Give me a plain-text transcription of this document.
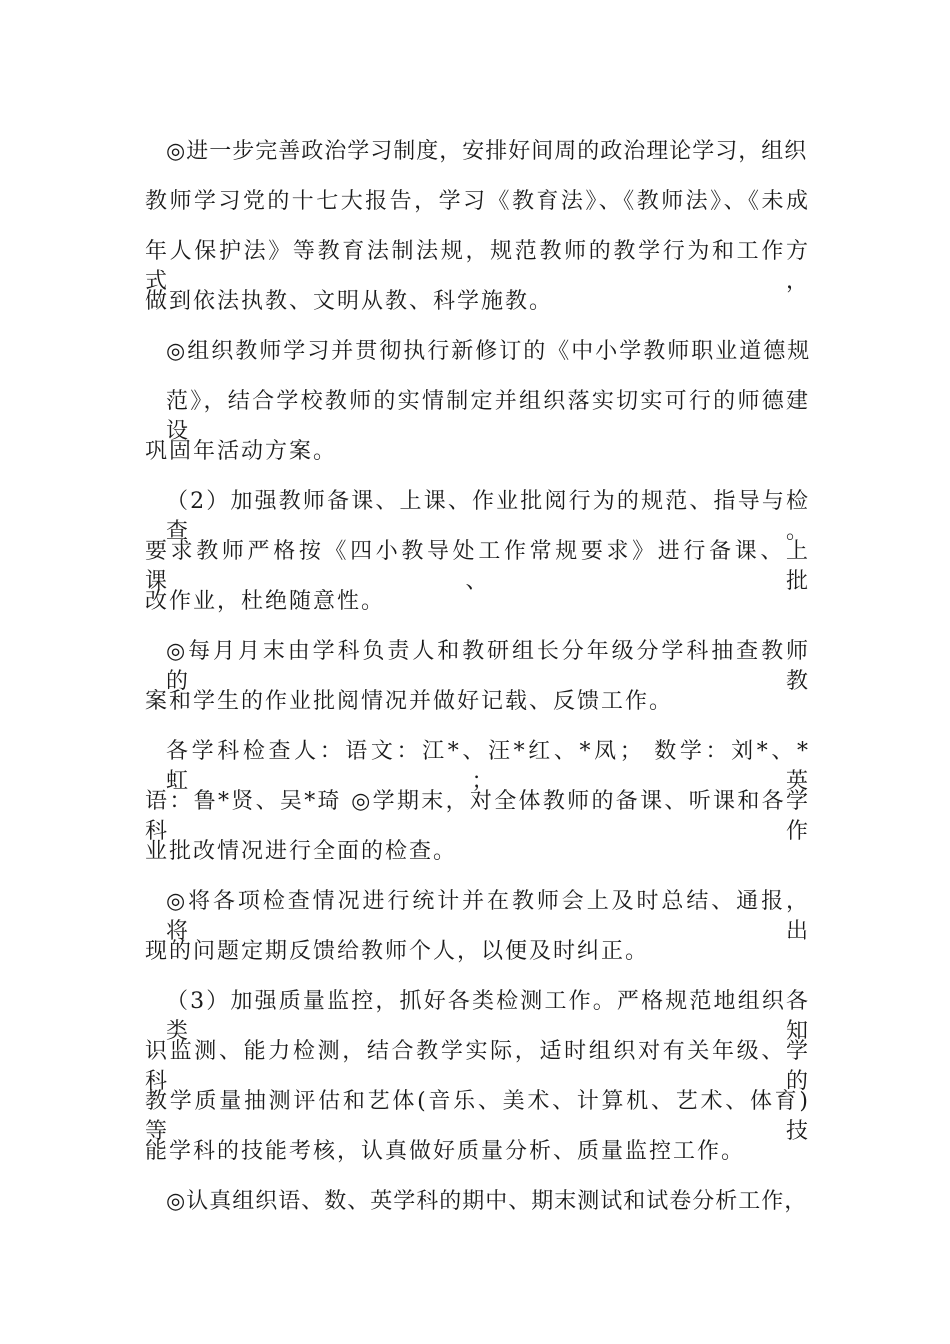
◎进一步完善政治学习制度，安排好间周的政治理论学习，组织
教师学习党的十七大报告，学习《教育法》、《教师法》、《未成
年人保护法》等教育法制法规，规范教师的教学行为和工作方式，
做到依法执教、文明从教、科学施教。
◎组织教师学习并贯彻执行新修订的《中小学教师职业道德规
范》，结合学校教师的实情制定并组织落实切实可行的师德建设
巩固年活动方案。
（2）加强教师备课、上课、作业批阅行为的规范、指导与检查。
要求教师严格按《四小教导处工作常规要求》进行备课、上课、批
改作业，杜绝随意性。
◎每月月末由学科负责人和教研组长分年级分学科抽查教师的教
案和学生的作业批阅情况并做好记载、反馈工作。
各学科检查人：语文：江*、汪*红、*凤； 数学：刘*、*虹； 英
语：鲁*贤、吴*琦 ◎学期末，对全体教师的备课、听课和各学科作
业批改情况进行全面的检查。
◎将各项检查情况进行统计并在教师会上及时总结、通报，将出
现的问题定期反馈给教师个人，以便及时纠正。
（3）加强质量监控，抓好各类检测工作。严格规范地组织各类知
识监测、能力检测，结合教学实际，适时组织对有关年级、学科的
教学质量抽测评估和艺体(音乐、美术、计算机、艺术、体育)等技
能学科的技能考核，认真做好质量分析、质量监控工作。
◎认真组织语、数、英学科的期中、期末测试和试卷分析工作，
